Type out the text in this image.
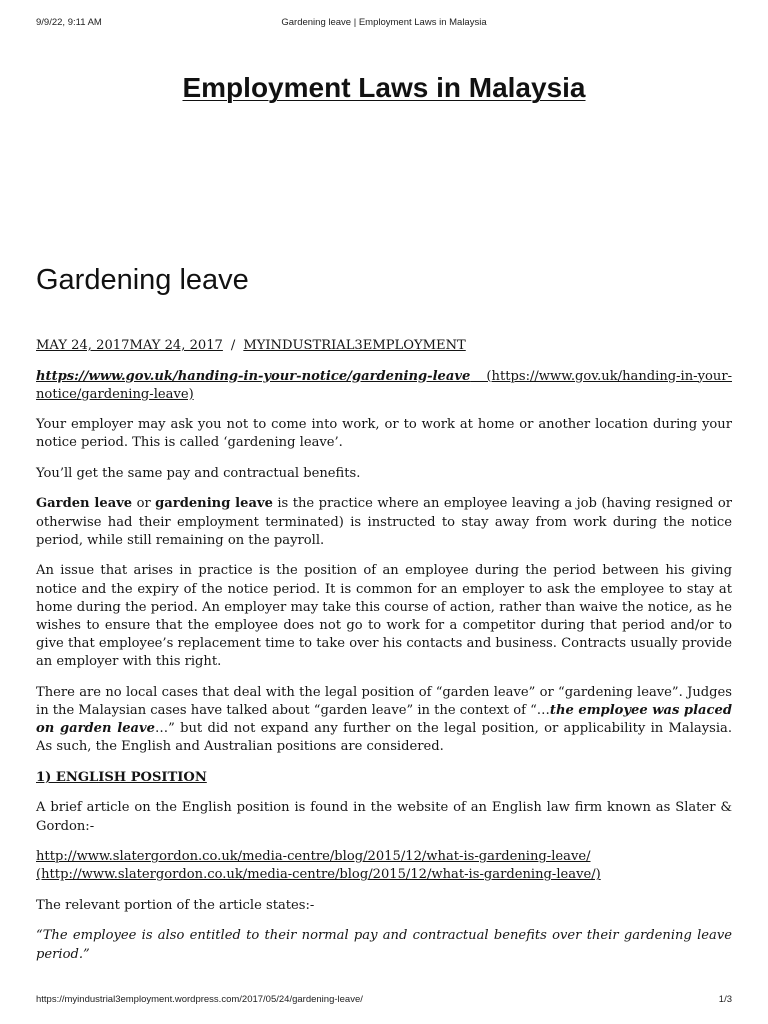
9/9/22, 9:11 AM	Gardening leave | Employment Laws in Malaysia
Employment Laws in Malaysia
Gardening leave

MAY 24, 2017MAY 24, 2017 / MYINDUSTRIAL3EMPLOYMENT

https://www.gov.uk/handing-in-your-notice/gardening-leave (https://www.gov.uk/handing-in-your-notice/gardening-leave)

Your employer may ask you not to come into work, or to work at home or another location during your notice period. This is called ‘gardening leave’.

You’ll get the same pay and contractual benefits.

Garden leave or gardening leave is the practice where an employee leaving a job (having resigned or otherwise had their employment terminated) is instructed to stay away from work during the notice period, while still remaining on the payroll.

An issue that arises in practice is the position of an employee during the period between his giving notice and the expiry of the notice period. It is common for an employer to ask the employee to stay at home during the period. An employer may take this course of action, rather than waive the notice, as he wishes to ensure that the employee does not go to work for a competitor during that period and/or to give that employee’s replacement time to take over his contacts and business. Contracts usually provide an employer with this right.

There are no local cases that deal with the legal position of “garden leave” or “gardening leave”. Judges in the Malaysian cases have talked about “garden leave” in the context of “…the employee was placed on garden leave…” but did not expand any further on the legal position, or applicability in Malaysia. As such, the English and Australian positions are considered.

1) ENGLISH POSITION

A brief article on the English position is found in the website of an English law firm known as Slater & Gordon:-

http://www.slatergordon.co.uk/media-centre/blog/2015/12/what-is-gardening-leave/
(http://www.slatergordon.co.uk/media-centre/blog/2015/12/what-is-gardening-leave/)

The relevant portion of the article states:-

“The employee is also entitled to their normal pay and contractual benefits over their gardening leave period.”

https://myindustrial3employment.wordpress.com/2017/05/24/gardening-leave/	1/3
